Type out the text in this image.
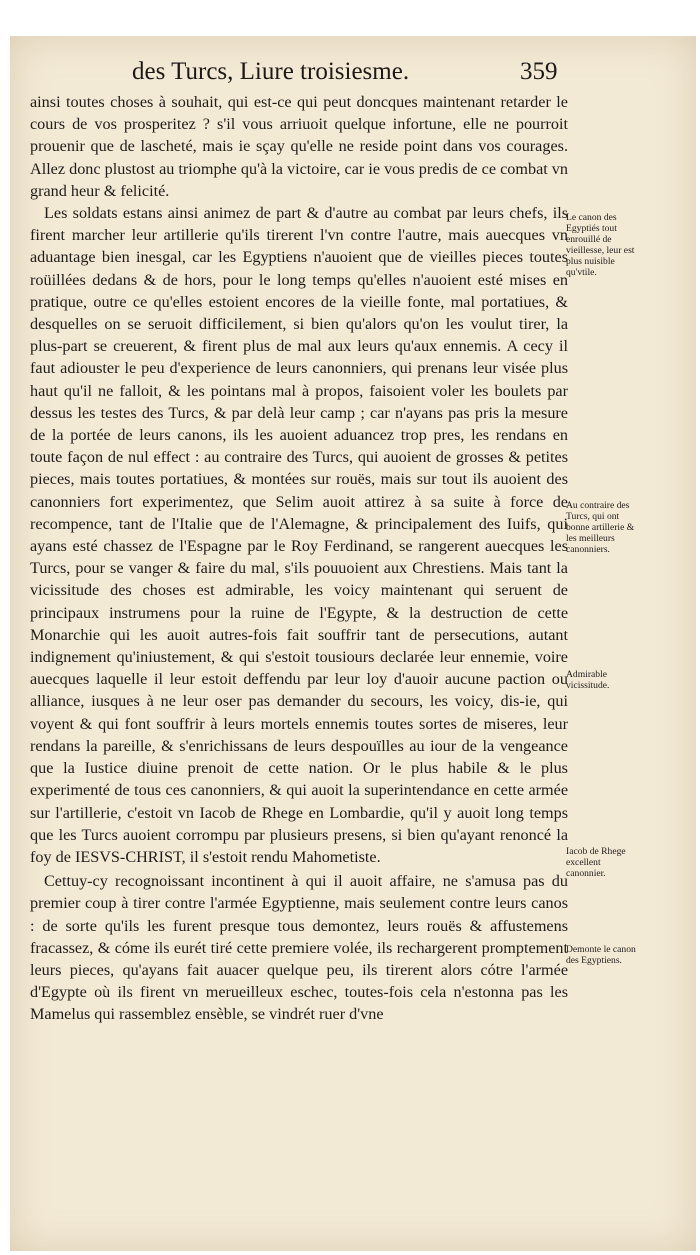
des Turcs, Liure troisiesme.	359

ainsi toutes choses à souhait, qui est-ce qui peut doncques maintenant retarder le cours de vos prosperitez ? s'il vous arriuoit quelque infortune, elle ne pourroit prouenir que de lascheté, mais ie sçay qu'elle ne reside point dans vos courages. Allez donc plustost au triomphe qu'à la victoire, car ie vous predis de ce combat vn grand heur & felicité.

Les soldats estans ainsi animez de part & d'autre au combat par leurs chefs, ils firent marcher leur artillerie qu'ils tirerent l'vn contre l'autre, mais auecques vn aduantage bien inesgal, car les Egyptiens n'auoient que de vieilles pieces toutes roüillées dedans & de hors, pour le long temps qu'elles n'auoient esté mises en pratique, outre ce qu'elles estoient encores de la vieille fonte, mal portatiues, & desquelles on se seruoit difficilement, si bien qu'alors qu'on les voulut tirer, la plus-part se creuerent, & firent plus de mal aux leurs qu'aux ennemis. A cecy il faut adiouster le peu d'experience de leurs canonniers, qui prenans leur visée plus haut qu'il ne falloit, & les pointans mal à propos, faisoient voler les boulets par dessus les testes des Turcs, & par delà leur camp ; car n'ayans pas pris la mesure de la portée de leurs canons, ils les auoient aduancez trop pres, les rendans en toute façon de nul effect : au contraire des Turcs, qui auoient de grosses & petites pieces, mais toutes portatiues, & montées sur rouës, mais sur tout ils auoient des canonniers fort experimentez, que Selim auoit attirez à sa suite à force de recompence, tant de l'Italie que de l'Alemagne, & principalement des Iuifs, qui ayans esté chassez de l'Espagne par le Roy Ferdinand, se rangerent auecques les Turcs, pour se vanger & faire du mal, s'ils pouuoient aux Chrestiens. Mais tant la vicissitude des choses est admirable, les voicy maintenant qui seruent de principaux instrumens pour la ruine de l'Egypte, & la destruction de cette Monarchie qui les auoit autres-fois fait souffrir tant de persecutions, autant indignement qu'iniustement, & qui s'estoit tousiours declarée leur ennemie, voire auecques laquelle il leur estoit deffendu par leur loy d'auoir aucune paction ou alliance, iusques à ne leur oser pas demander du secours, les voicy, dis-ie, qui voyent & qui font souffrir à leurs mortels ennemis toutes sortes de miseres, leur rendans la pareille, & s'enrichissans de leurs despouïlles au iour de la vengeance que la Iustice diuine prenoit de cette nation. Or le plus habile & le plus experimenté de tous ces canonniers, & qui auoit la superintendance en cette armée sur l'artillerie, c'estoit vn Iacob de Rhege en Lombardie, qu'il y auoit long temps que les Turcs auoient corrompu par plusieurs presens, si bien qu'ayant renoncé la foy de IESVS-CHRIST, il s'estoit rendu Mahometiste.

Cettuy-cy recognoissant incontinent à qui il auoit affaire, ne s'amusa pas du premier coup à tirer contre l'armée Egyptienne, mais seulement contre leurs canos : de sorte qu'ils les furent presque tous demontez, leurs rouës & affustemens fracassez, & cóme ils eurét tiré cette premiere volée, ils rechargerent promptement leurs pieces, qu'ayans fait auacer quelque peu, ils tirerent alors cótre l'armée d'Egypte où ils firent vn merueilleux eschec, toutes-fois cela n'estonna pas les Mamelus qui rassemblez ensèble, se vindrét ruer d'vne

Le canon des Egyptiés tout enrouillé de vieillesse, leur est plus nuisible qu'vtile.
Au contraire des Turcs, qui ont bonne artillerie & les meilleurs canonniers.
Admirable vicissitude.
Iacob de Rhege excellent canonnier.
Demonte le canon des Egyptiens.
